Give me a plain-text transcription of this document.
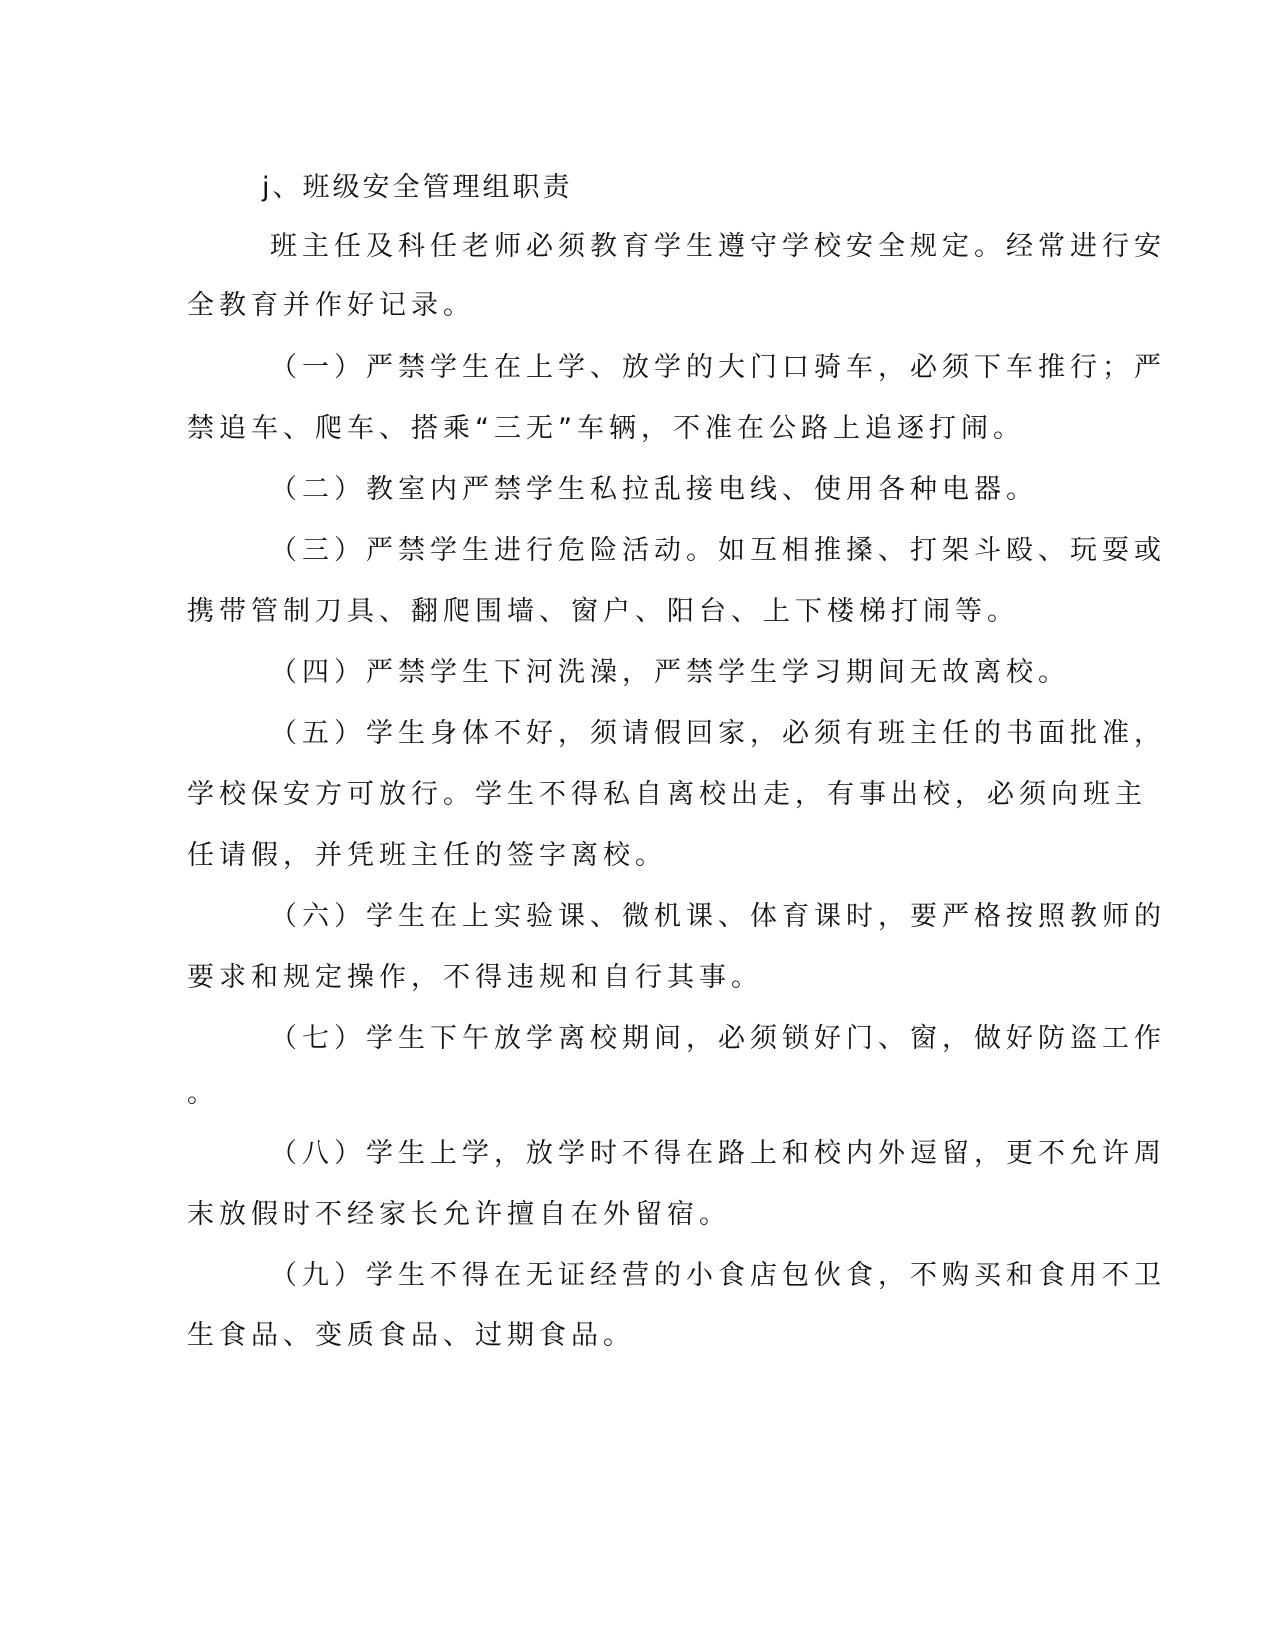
j、班级安全管理组职责
班主任及科任老师必须教育学生遵守学校安全规定。经常进行安
全教育并作好记录。
（一）严禁学生在上学、放学的大门口骑车，必须下车推行；严
禁追车、爬车、搭乘“三无”车辆，不准在公路上追逐打闹。
（二）教室内严禁学生私拉乱接电线、使用各种电器。
（三）严禁学生进行危险活动。如互相推搡、打架斗殴、玩耍或
携带管制刀具、翻爬围墙、窗户、阳台、上下楼梯打闹等。
（四）严禁学生下河洗澡，严禁学生学习期间无故离校。
（五）学生身体不好，须请假回家，必须有班主任的书面批准，
学校保安方可放行。学生不得私自离校出走，有事出校，必须向班主
任请假，并凭班主任的签字离校。
（六）学生在上实验课、微机课、体育课时，要严格按照教师的
要求和规定操作，不得违规和自行其事。
（七）学生下午放学离校期间，必须锁好门、窗，做好防盗工作
。
（八）学生上学，放学时不得在路上和校内外逗留，更不允许周
末放假时不经家长允许擅自在外留宿。
（九）学生不得在无证经营的小食店包伙食，不购买和食用不卫
生食品、变质食品、过期食品。
